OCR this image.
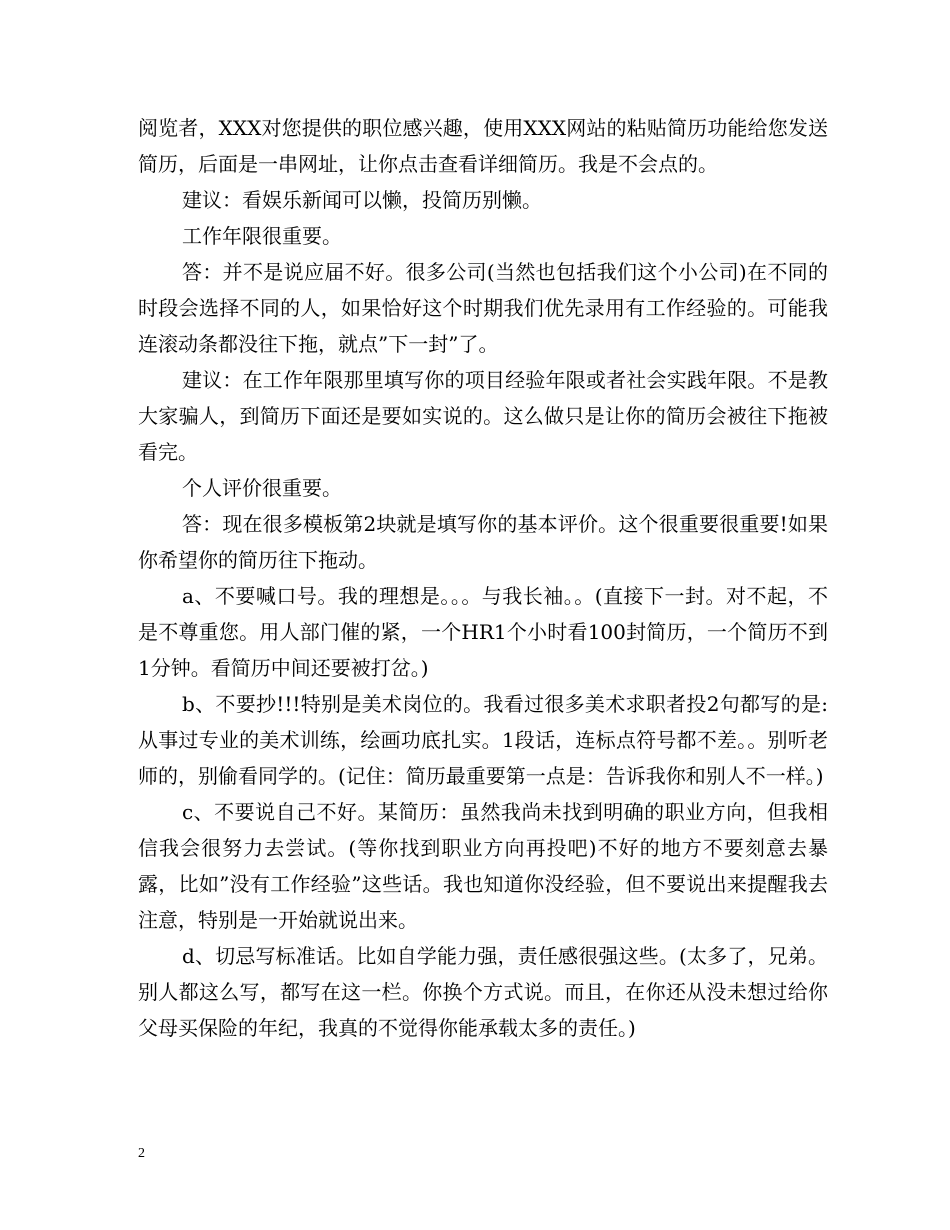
阅览者，XXX对您提供的职位感兴趣，使用XXX网站的粘贴简历功能给您发送简历，后面是一串网址，让你点击查看详细简历。我是不会点的。

建议：看娱乐新闻可以懒，投简历别懒。

工作年限很重要。

答：并不是说应届不好。很多公司(当然也包括我们这个小公司)在不同的时段会选择不同的人，如果恰好这个时期我们优先录用有工作经验的。可能我连滚动条都没往下拖，就点”下一封”了。

建议：在工作年限那里填写你的项目经验年限或者社会实践年限。不是教大家骗人，到简历下面还是要如实说的。这么做只是让你的简历会被往下拖被看完。

个人评价很重要。

答：现在很多模板第2块就是填写你的基本评价。这个很重要很重要!如果你希望你的简历往下拖动。

a、不要喊口号。我的理想是。。。与我长袖。。(直接下一封。对不起，不是不尊重您。用人部门催的紧，一个HR1个小时看100封简历，一个简历不到1分钟。看简历中间还要被打岔。)

b、不要抄!!!特别是美术岗位的。我看过很多美术求职者投2句都写的是:从事过专业的美术训练，绘画功底扎实。1段话，连标点符号都不差。。别听老师的，别偷看同学的。(记住：简历最重要第一点是：告诉我你和别人不一样。)

c、不要说自己不好。某简历：虽然我尚未找到明确的职业方向，但我相信我会很努力去尝试。(等你找到职业方向再投吧)不好的地方不要刻意去暴露，比如”没有工作经验”这些话。我也知道你没经验，但不要说出来提醒我去注意，特别是一开始就说出来。

d、切忌写标准话。比如自学能力强，责任感很强这些。(太多了，兄弟。别人都这么写，都写在这一栏。你换个方式说。而且，在你还从没未想过给你父母买保险的年纪，我真的不觉得你能承载太多的责任。)

2
